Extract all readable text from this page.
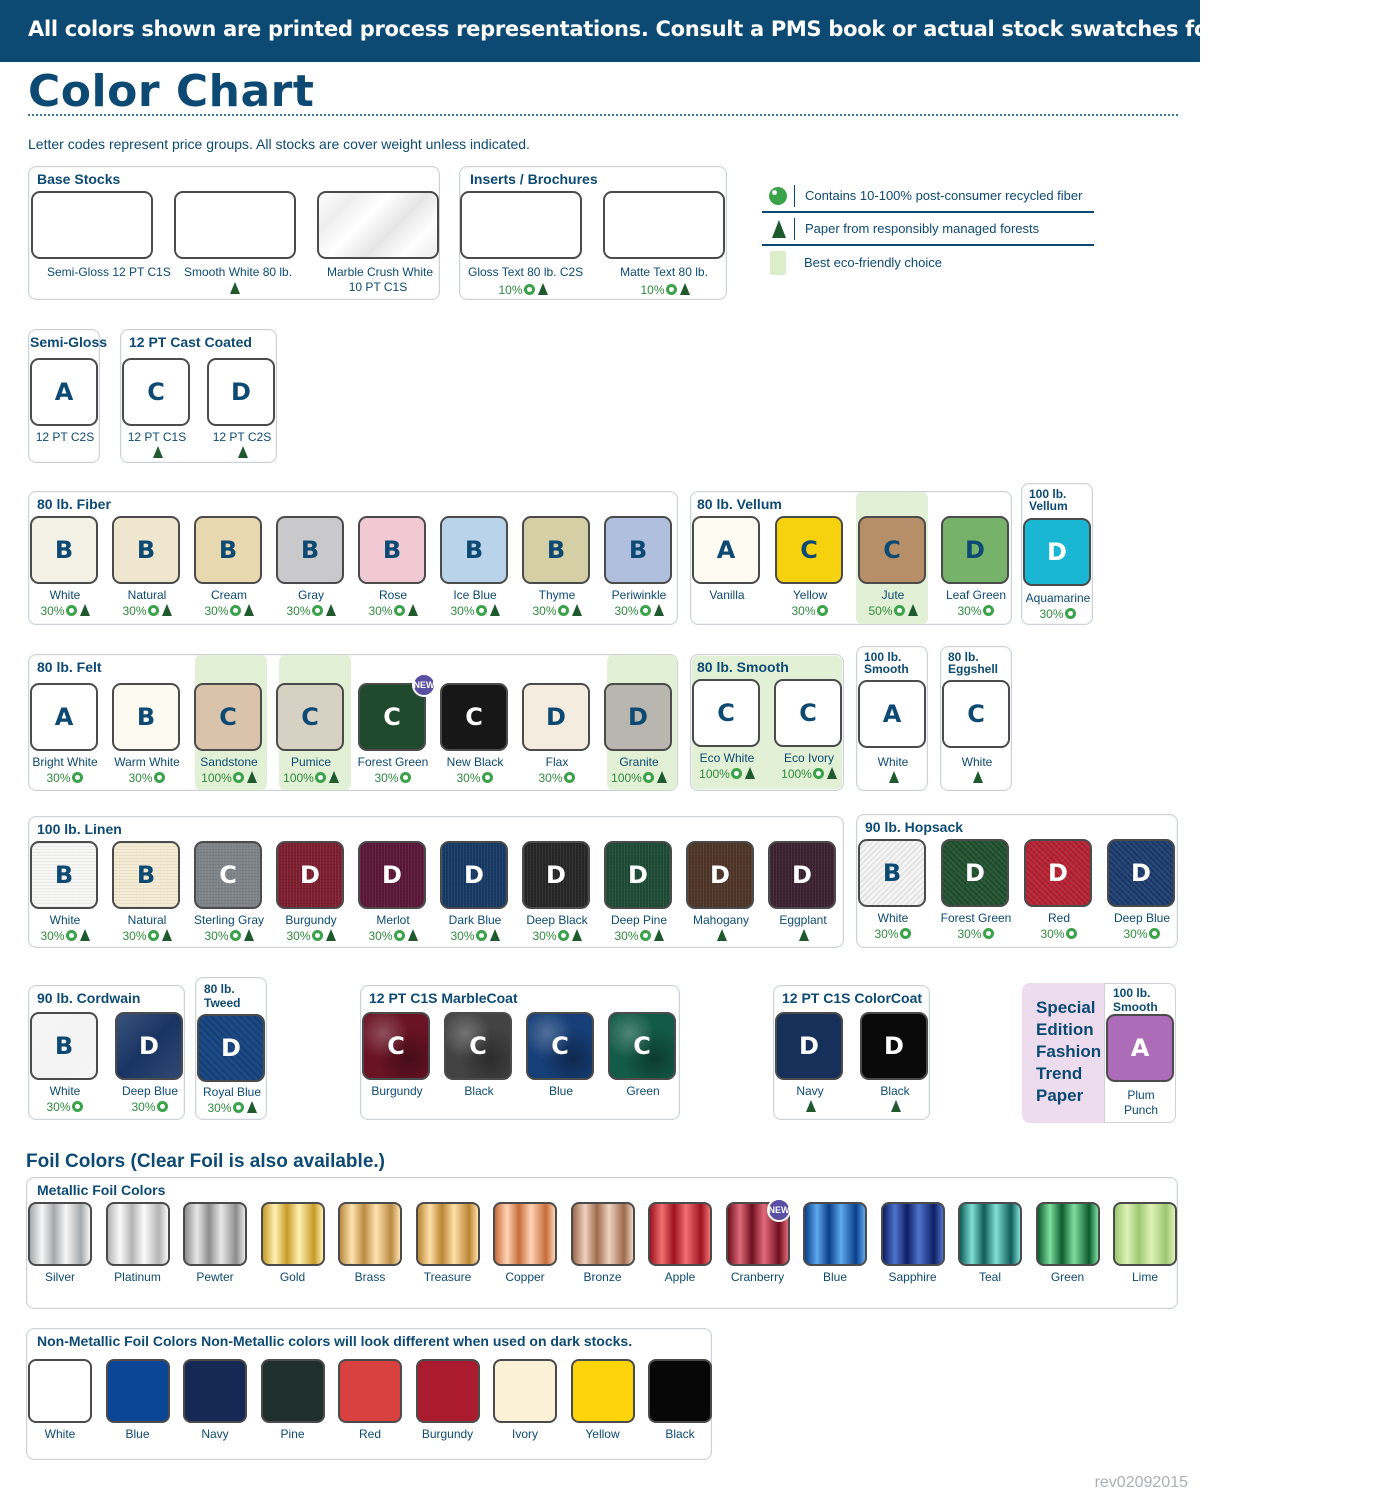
All colors shown are printed process representations. Consult a PMS book or actual stock swatches for color accuracy.
Color Chart
Letter codes represent price groups. All stocks are cover weight unless indicated.
Base Stocks
Semi-Gloss 12 PT C1S Smooth White 80 lb.	Marble Crush White
10 PT C1S
Inserts / Brochures
Gloss Text 80 lb. C2S
10%
Matte Text 80 lb.
10%
Contains 10-100% post-consumer recycled fiber
Paper from responsibly managed forests
Best eco-friendly choice
Semi-Gloss
A
12 PT C2S
12 PT Cast Coated
C	D
12 PT C1S	12 PT C2S
80 lb. Fiber
B
White
30%
B
Natural
30%
B
Cream
30%
B
Gray
30%
B
Rose
30%
B
Ice Blue
30%
B
Thyme
30%
B
Periwinkle
30%
80 lb. Vellum
A
Vanilla
C
Yellow
30%
C
Jute
50%
D
Leaf Green
30%
100 lb.
Vellum
D
Aquamarine
30%
80 lb. Felt
A
Bright White
30%
B
Warm White
30%
C
Sandstone
100%
C
Pumice
100%
C
Forest Green
30%
C
New Black
30%
D
Flax
30%
D
Granite
100%
NEW
80 lb. Smooth
C
Eco White
100%
C
Eco Ivory
100%
100 lb.
Smooth
A
White
80 lb.
Eggshell
C
White
100 lb. Linen
B
White
30%
B
Natural
30%
C
Sterling Gray
30%
D
Burgundy
30%
D
Merlot
30%
D
Dark Blue
30%
D
Deep Black
30%
D
Deep Pine
30%
D
Mahogany
D
Eggplant
90 lb. Hopsack
B
White
30%
D
Forest Green
30%
D
Red
30%
D
Deep Blue
30%
90 lb. Cordwain
B
White
30%
D
Deep Blue
30%
80 lb.
Tweed
D
Royal Blue
30%
12 PT C1S MarbleCoat
C
Burgundy
C
Black
C
Blue
C
Green
12 PT C1S ColorCoat
D
Navy
D
Black
Special
Edition
Fashion
Trend
Paper
100 lb.
Smooth
A
Plum
Punch
Foil Colors (Clear Foil is also available.)
Metallic Foil Colors
Silver	Platinum	Pewter	Gold	Brass	Treasure	Copper	Bronze	Apple	Cranberry	Blue	Sapphire	Teal	Green	Lime
NEW
Non-Metallic Foil Colors Non-Metallic colors will look different when used on dark stocks.
White	Blue	Navy	Pine	Red	Burgundy	Ivory	Yellow	Black
rev02092015
